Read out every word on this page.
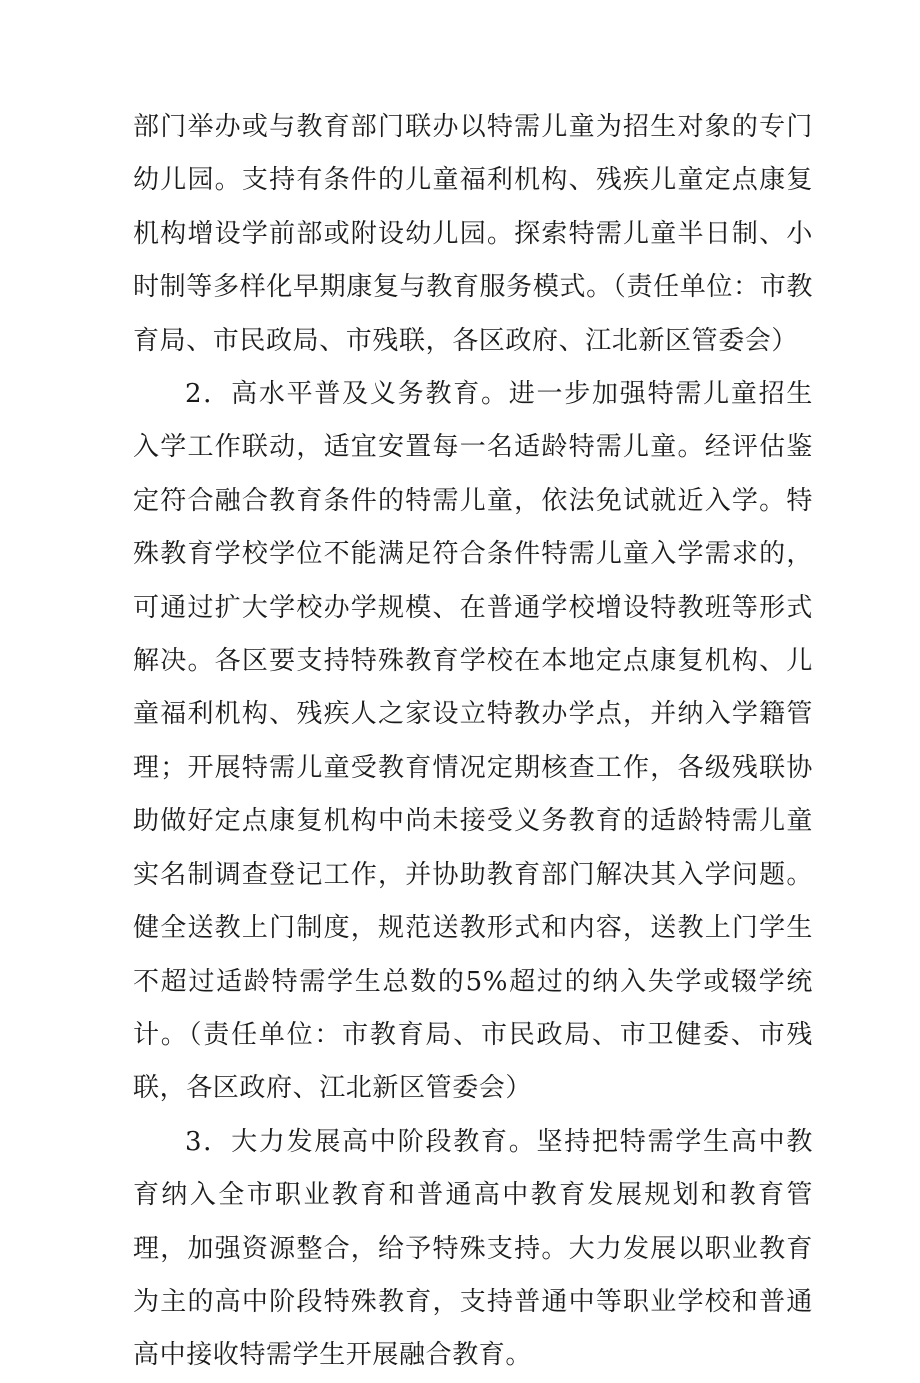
部门举办或与教育部门联办以特需儿童为招生对象的专门幼儿园。支持有条件的儿童福利机构、残疾儿童定点康复机构增设学前部或附设幼儿园。探索特需儿童半日制、小时制等多样化早期康复与教育服务模式。（责任单位：市教育局、市民政局、市残联，各区政府、江北新区管委会）

2．高水平普及义务教育。进一步加强特需儿童招生入学工作联动，适宜安置每一名适龄特需儿童。经评估鉴定符合融合教育条件的特需儿童，依法免试就近入学。特殊教育学校学位不能满足符合条件特需儿童入学需求的，可通过扩大学校办学规模、在普通学校增设特教班等形式解决。各区要支持特殊教育学校在本地定点康复机构、儿童福利机构、残疾人之家设立特教办学点，并纳入学籍管理；开展特需儿童受教育情况定期核查工作，各级残联协助做好定点康复机构中尚未接受义务教育的适龄特需儿童实名制调查登记工作，并协助教育部门解决其入学问题。健全送教上门制度，规范送教形式和内容，送教上门学生不超过适龄特需学生总数的5%超过的纳入失学或辍学统计。（责任单位：市教育局、市民政局、市卫健委、市残联，各区政府、江北新区管委会）

3．大力发展高中阶段教育。坚持把特需学生高中教育纳入全市职业教育和普通高中教育发展规划和教育管理，加强资源整合，给予特殊支持。大力发展以职业教育为主的高中阶段特殊教育，支持普通中等职业学校和普通高中接收特需学生开展融合教育。
